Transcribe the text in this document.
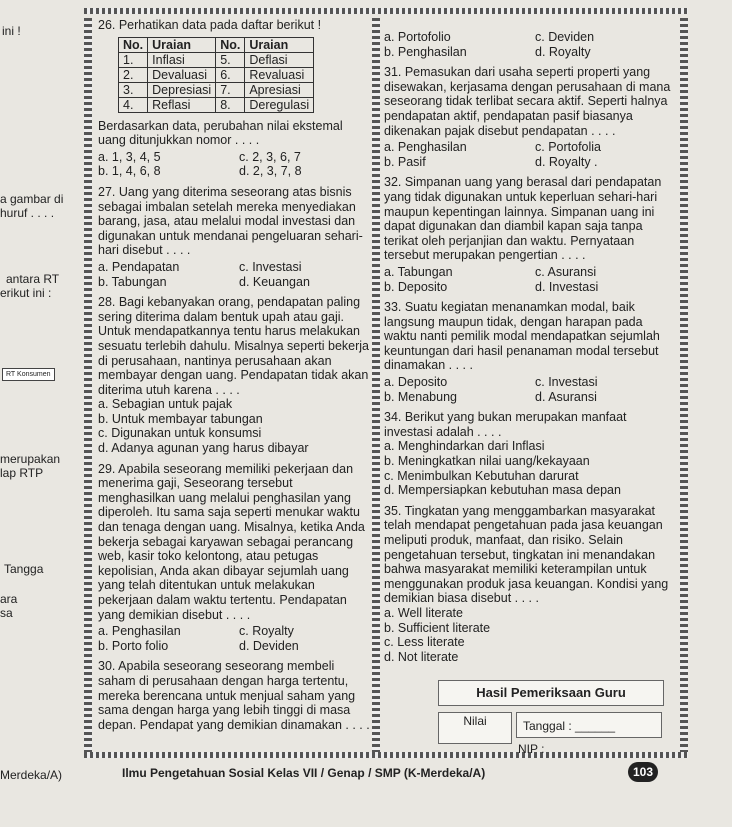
ini !
a gambar di
huruf . . . .
antara RT
erikut ini :
RT Konsumen
merupakan
lap RTP
Tangga
ara
sa
Merdeka/A)
26. Perhatikan data pada daftar berikut !
No.	Uraian	No.	Uraian
1.	Inflasi	5.	Deflasi
2.	Devaluasi	6.	Revaluasi
3.	Depresiasi	7.	Apresiasi
4.	Reflasi	8.	Deregulasi
Berdasarkan data, perubahan nilai ekstemal uang ditunjukkan nomor . . . .
a. 1, 3, 4, 5	c. 2, 3, 6, 7
b. 1, 4, 6, 8	d. 2, 3, 7, 8
27. Uang yang diterima seseorang atas bisnis sebagai imbalan setelah mereka menyediakan barang, jasa, atau melalui modal investasi dan digunakan untuk mendanai pengeluaran sehari-hari disebut . . . .
a. Pendapatan	c. Investasi
b. Tabungan	d. Keuangan
28. Bagi kebanyakan orang, pendapatan paling sering diterima dalam bentuk upah atau gaji. Untuk mendapatkannya tentu harus melakukan sesuatu terlebih dahulu. Misalnya seperti bekerja di perusahaan, nantinya perusahaan akan membayar dengan uang. Pendapatan tidak akan diterima utuh karena . . . .
a. Sebagian untuk pajak
b. Untuk membayar tabungan
c. Digunakan untuk konsumsi
d. Adanya agunan yang harus dibayar
29. Apabila seseorang memiliki pekerjaan dan menerima gaji, Seseorang tersebut menghasilkan uang melalui penghasilan yang diperoleh. Itu sama saja seperti menukar waktu dan tenaga dengan uang. Misalnya, ketika Anda bekerja sebagai karyawan sebagai perancang web, kasir toko kelontong, atau petugas kepolisian, Anda akan dibayar sejumlah uang yang telah ditentukan untuk melakukan pekerjaan dalam waktu tertentu. Pendapatan yang demikian disebut . . . .
a. Penghasilan	c. Royalty
b. Porto folio	d. Deviden
30. Apabila seseorang seseorang membeli saham di perusahaan dengan harga tertentu, mereka berencana untuk menjual saham yang sama dengan harga yang lebih tinggi di masa depan. Pendapat yang demikian dinamakan . . . .
a. Portofolio	c. Deviden
b. Penghasilan	d. Royalty
31. Pemasukan dari usaha seperti properti yang disewakan, kerjasama dengan perusahaan di mana seseorang tidak terlibat secara aktif. Seperti halnya pendapatan aktif, pendapatan pasif biasanya dikenakan pajak disebut pendapatan . . . .
a. Penghasilan	c. Portofolia
b. Pasif	d. Royalty .
32. Simpanan uang yang berasal dari pendapatan yang tidak digunakan untuk keperluan sehari-hari maupun kepentingan lainnya. Simpanan uang ini dapat digunakan dan diambil kapan saja tanpa terikat oleh perjanjian dan waktu. Pernyataan tersebut merupakan pengertian . . . .
a. Tabungan	c. Asuransi
b. Deposito	d. Investasi
33. Suatu kegiatan menanamkan modal, baik langsung maupun tidak, dengan harapan pada waktu nanti pemilik modal mendapatkan sejumlah keuntungan dari hasil penanaman modal tersebut dinamakan . . . .
a. Deposito	c. Investasi
b. Menabung	d. Asuransi
34. Berikut yang bukan merupakan manfaat investasi adalah . . . .
a. Menghindarkan dari Inflasi
b. Meningkatkan nilai uang/kekayaan
c. Menimbulkan Kebutuhan darurat
d. Mempersiapkan kebutuhan masa depan
35. Tingkatan yang menggambarkan masyarakat telah mendapat pengetahuan pada jasa keuangan meliputi produk, manfaat, dan risiko. Selain pengetahuan tersebut, tingkatan ini menandakan bahwa masyarakat memiliki keterampilan untuk menggunakan produk jasa keuangan. Kondisi yang demikian biasa disebut . . . .
a. Well literate
b. Sufficient literate
c. Less literate
d. Not literate
Hasil Pemeriksaan Guru
Nilai	Tanggal : ______
NIP :
Ilmu Pengetahuan Sosial Kelas VII / Genap / SMP (K-Merdeka/A)	103
